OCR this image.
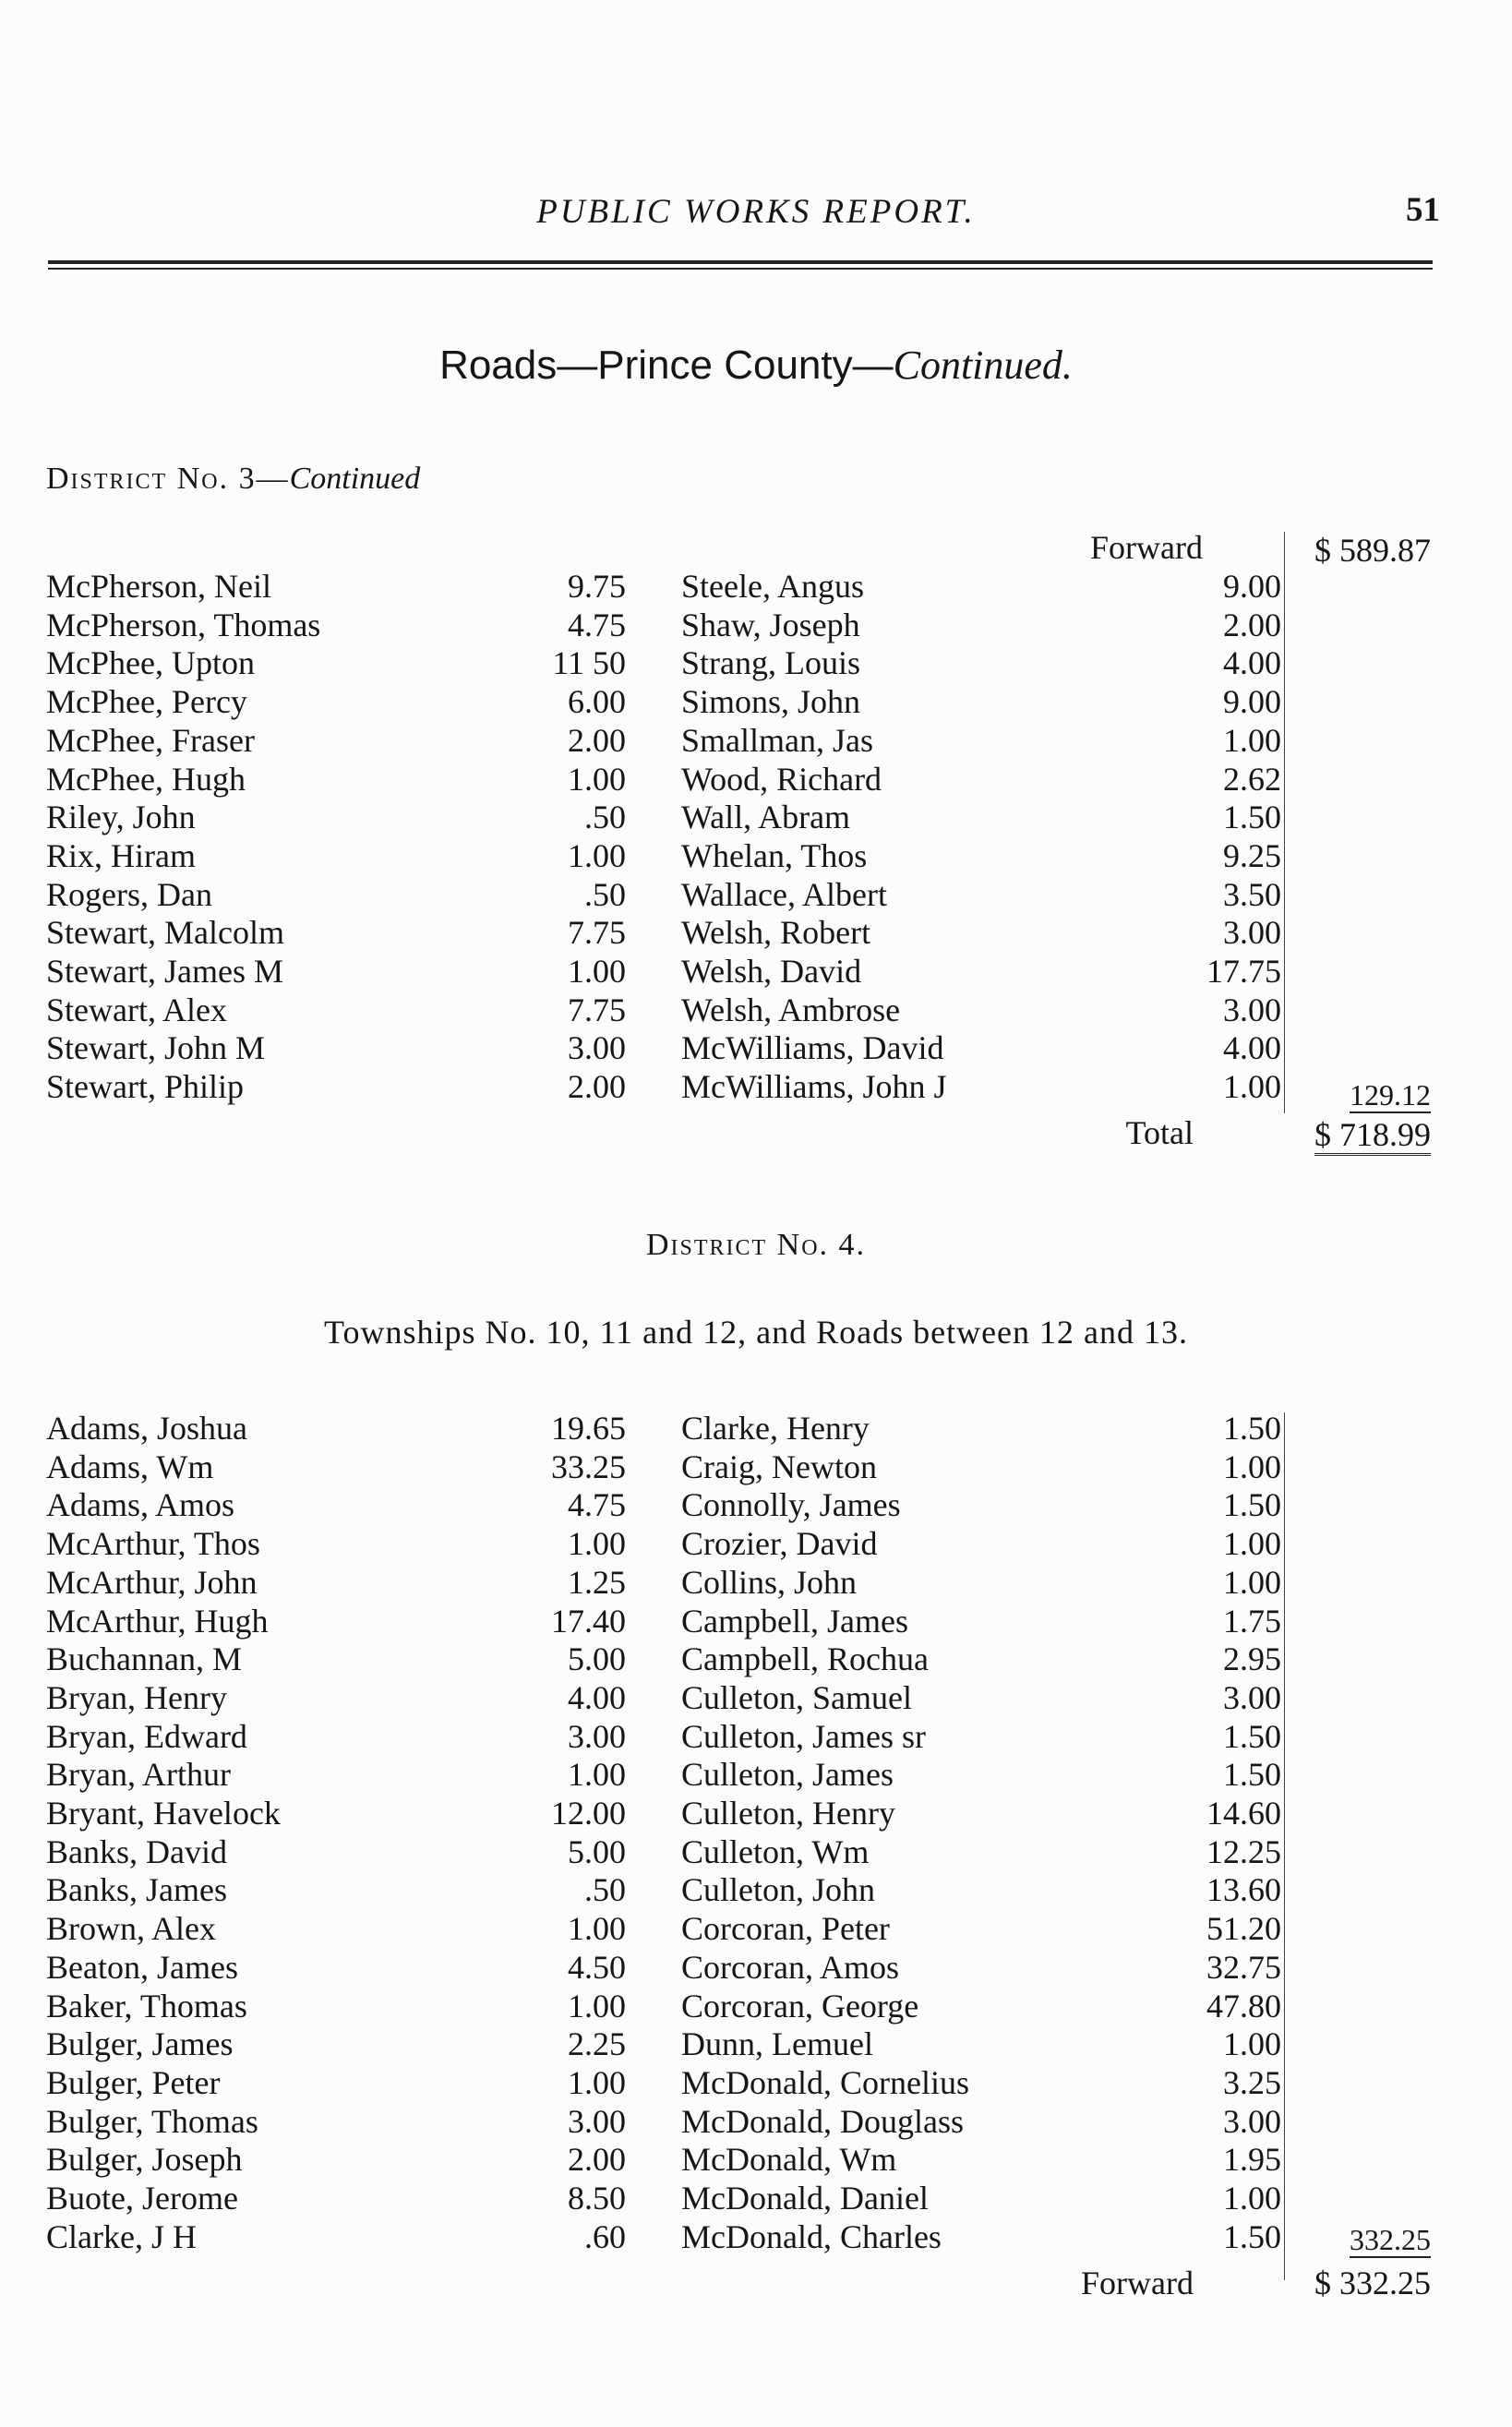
PUBLIC WORKS REPORT.	51
Roads—Prince County—Continued.
District No. 3—Continued
Forward	$ 589.87
McPherson, Neil	9.75 Steele, Angus	9.00
McPherson, Thomas	4.75 Shaw, Joseph	2.00
McPhee, Upton	11 50 Strang, Louis	4.00
McPhee, Percy	6.00 Simons, John	9.00
McPhee, Fraser	2.00 Smallman, Jas	1.00
McPhee, Hugh	1.00 Wood, Richard	2.62
Riley, John	.50 Wall, Abram	1.50
Rix, Hiram	1.00 Whelan, Thos	9.25
Rogers, Dan	.50 Wallace, Albert	3.50
Stewart, Malcolm	7.75 Welsh, Robert	3.00
Stewart, James M	1.00 Welsh, David	17.75
Stewart, Alex	7.75 Welsh, Ambrose	3.00
Stewart, John M	3.00 McWilliams, David	4.00
Stewart, Philip	2.00 McWilliams, John J	1.00 129.12
Total	$ 718.99
District No. 4.
Townships No. 10, 11 and 12, and Roads between 12 and 13.
Adams, Joshua	19.65 Clarke, Henry	1.50
Adams, Wm	33.25 Craig, Newton	1.00
Adams, Amos	4.75 Connolly, James	1.50
McArthur, Thos	1.00 Crozier, David	1.00
McArthur, John	1.25 Collins, John	1.00
McArthur, Hugh	17.40 Campbell, James	1.75
Buchannan, M	5.00 Campbell, Rochua	2.95
Bryan, Henry	4.00 Culleton, Samuel	3.00
Bryan, Edward	3.00 Culleton, James sr	1.50
Bryan, Arthur	1.00 Culleton, James	1.50
Bryant, Havelock	12.00 Culleton, Henry	14.60
Banks, David	5.00 Culleton, Wm	12.25
Banks, James	.50 Culleton, John	13.60
Brown, Alex	1.00 Corcoran, Peter	51.20
Beaton, James	4.50 Corcoran, Amos	32.75
Baker, Thomas	1.00 Corcoran, George	47.80
Bulger, James	2.25 Dunn, Lemuel	1.00
Bulger, Peter	1.00 McDonald, Cornelius	3.25
Bulger, Thomas	3.00 McDonald, Douglass	3.00
Bulger, Joseph	2.00 McDonald, Wm	1.95
Buote, Jerome	8.50 McDonald, Daniel	1.00
Clarke, J H	.60 McDonald, Charles	1.50 332.25
Forward	$ 332.25
